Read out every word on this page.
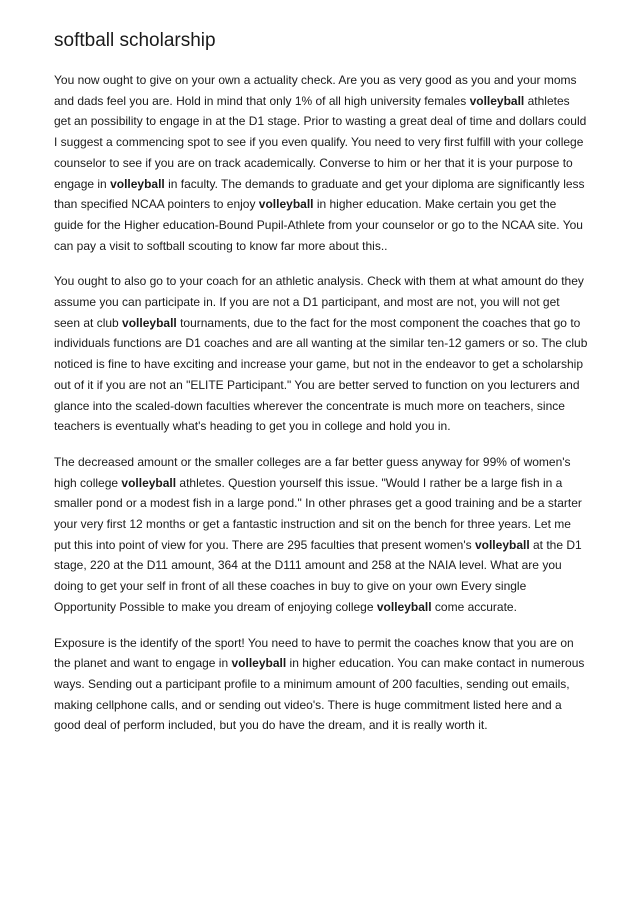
softball scholarship

You now ought to give on your own a actuality check. Are you as very good as you and your moms and dads feel you are. Hold in mind that only 1% of all high university females volleyball athletes get an possibility to engage in at the D1 stage. Prior to wasting a great deal of time and dollars could I suggest a commencing spot to see if you even qualify. You need to very first fulfill with your college counselor to see if you are on track academically. Converse to him or her that it is your purpose to engage in volleyball in faculty. The demands to graduate and get your diploma are significantly less than specified NCAA pointers to enjoy volleyball in higher education. Make certain you get the guide for the Higher education-Bound Pupil-Athlete from your counselor or go to the NCAA site. You can pay a visit to softball scouting to know far more about this..

You ought to also go to your coach for an athletic analysis. Check with them at what amount do they assume you can participate in. If you are not a D1 participant, and most are not, you will not get seen at club volleyball tournaments, due to the fact for the most component the coaches that go to individuals functions are D1 coaches and are all wanting at the similar ten-12 gamers or so. The club noticed is fine to have exciting and increase your game, but not in the endeavor to get a scholarship out of it if you are not an "ELITE Participant." You are better served to function on you lecturers and glance into the scaled-down faculties wherever the concentrate is much more on teachers, since teachers is eventually what's heading to get you in college and hold you in.

The decreased amount or the smaller colleges are a far better guess anyway for 99% of women's high college volleyball athletes. Question yourself this issue. "Would I rather be a large fish in a smaller pond or a modest fish in a large pond." In other phrases get a good training and be a starter your very first 12 months or get a fantastic instruction and sit on the bench for three years. Let me put this into point of view for you. There are 295 faculties that present women's volleyball at the D1 stage, 220 at the D11 amount, 364 at the D111 amount and 258 at the NAIA level. What are you doing to get your self in front of all these coaches in buy to give on your own Every single Opportunity Possible to make you dream of enjoying college volleyball come accurate.

Exposure is the identify of the sport! You need to have to permit the coaches know that you are on the planet and want to engage in volleyball in higher education. You can make contact in numerous ways. Sending out a participant profile to a minimum amount of 200 faculties, sending out emails, making cellphone calls, and or sending out video's. There is huge commitment listed here and a good deal of perform included, but you do have the dream, and it is really worth it.
